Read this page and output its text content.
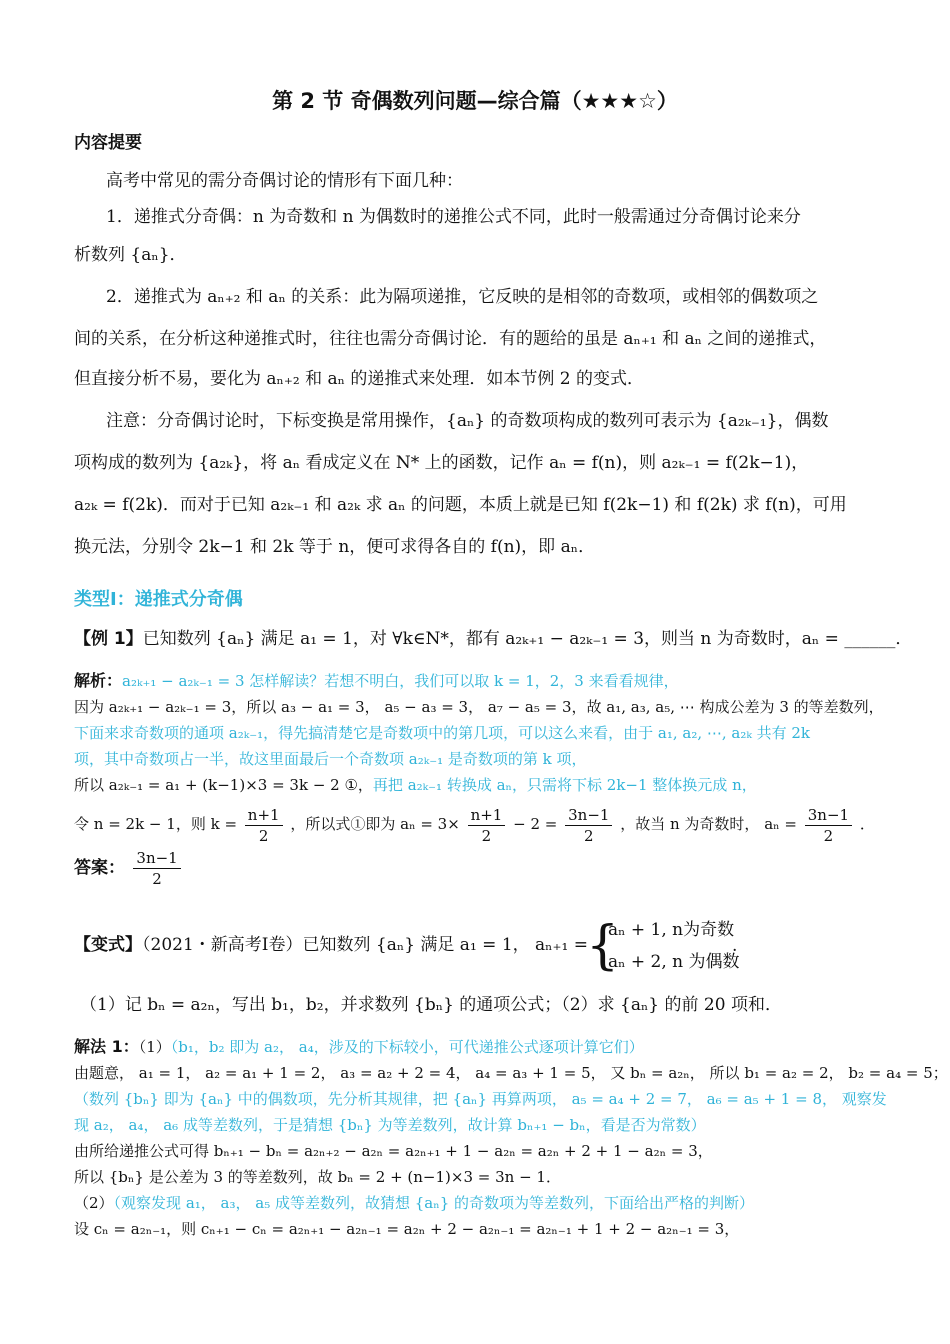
第 2 节 奇偶数列问题—综合篇（★★★☆）
内容提要
高考中常见的需分奇偶讨论的情形有下面几种：
1．递推式分奇偶：n 为奇数和 n 为偶数时的递推公式不同，此时一般需通过分奇偶讨论来分
析数列 {aₙ}．
2．递推式为 aₙ₊₂ 和 aₙ 的关系：此为隔项递推，它反映的是相邻的奇数项，或相邻的偶数项之
间的关系，在分析这种递推式时，往往也需分奇偶讨论．有的题给的虽是 aₙ₊₁ 和 aₙ 之间的递推式，
但直接分析不易，要化为 aₙ₊₂ 和 aₙ 的递推式来处理．如本节例 2 的变式．
注意：分奇偶讨论时，下标变换是常用操作，{aₙ} 的奇数项构成的数列可表示为 {a₂ₖ₋₁}，偶数
项构成的数列为 {a₂ₖ}，将 aₙ 看成定义在 N* 上的函数，记作 aₙ = f(n)，则 a₂ₖ₋₁ = f(2k−1)，
a₂ₖ = f(2k)．而对于已知 a₂ₖ₋₁ 和 a₂ₖ 求 aₙ 的问题，本质上就是已知 f(2k−1) 和 f(2k) 求 f(n)，可用
换元法，分别令 2k−1 和 2k 等于 n，便可求得各自的 f(n)，即 aₙ．
类型Ⅰ：递推式分奇偶
【例 1】已知数列 {aₙ} 满足 a₁ = 1，对 ∀k∈N*，都有 a₂ₖ₊₁ − a₂ₖ₋₁ = 3，则当 n 为奇数时，aₙ = ______．
解析：a₂ₖ₊₁ − a₂ₖ₋₁ = 3 怎样解读？若想不明白，我们可以取 k = 1，2，3 来看看规律，
因为 a₂ₖ₊₁ − a₂ₖ₋₁ = 3，所以 a₃ − a₁ = 3， a₅ − a₃ = 3， a₇ − a₅ = 3，故 a₁, a₃, a₅, ⋯ 构成公差为 3 的等差数列，
下面来求奇数项的通项 a₂ₖ₋₁，得先搞清楚它是奇数项中的第几项，可以这么来看，由于 a₁, a₂, ⋯, a₂ₖ 共有 2k
项，其中奇数项占一半，故这里面最后一个奇数项 a₂ₖ₋₁ 是奇数项的第 k 项，
所以 a₂ₖ₋₁ = a₁ + (k−1)×3 = 3k − 2 ①，再把 a₂ₖ₋₁ 转换成 aₙ，只需将下标 2k−1 整体换元成 n，
令 n = 2k − 1，则 $k = \frac{n+1}{2}$ ，所以式①即为 $a_n = 3\times \frac{n+1}{2} - 2 = \frac{3n-1}{2}$ ，故当 n 为奇数时， $a_n = \frac{3n-1}{2}$ ．
答案： $\frac{3n-1}{2}$
【变式】（2021・新高考Ⅰ卷）已知数列 {aₙ} 满足 a₁ = 1， aₙ₊₁ =
{
aₙ + 1, n为奇数
aₙ + 2, n 为偶数
.
（1）记 bₙ = a₂ₙ，写出 b₁，b₂，并求数列 {bₙ} 的通项公式；（2）求 {aₙ} 的前 20 项和．
解法 1：（1）（b₁，b₂ 即为 a₂， a₄，涉及的下标较小，可代递推公式逐项计算它们）
由题意， a₁ = 1， a₂ = a₁ + 1 = 2， a₃ = a₂ + 2 = 4， a₄ = a₃ + 1 = 5， 又 bₙ = a₂ₙ， 所以 b₁ = a₂ = 2， b₂ = a₄ = 5；
（数列 {bₙ} 即为 {aₙ} 中的偶数项，先分析其规律，把 {aₙ} 再算两项， a₅ = a₄ + 2 = 7， a₆ = a₅ + 1 = 8， 观察发
现 a₂， a₄， a₆ 成等差数列，于是猜想 {bₙ} 为等差数列，故计算 bₙ₊₁ − bₙ，看是否为常数）
由所给递推公式可得 bₙ₊₁ − bₙ = a₂ₙ₊₂ − a₂ₙ = a₂ₙ₊₁ + 1 − a₂ₙ = a₂ₙ + 2 + 1 − a₂ₙ = 3，
所以 {bₙ} 是公差为 3 的等差数列，故 bₙ = 2 + (n−1)×3 = 3n − 1．
（2）（观察发现 a₁， a₃， a₅ 成等差数列，故猜想 {aₙ} 的奇数项为等差数列，下面给出严格的判断）
设 cₙ = a₂ₙ₋₁，则 cₙ₊₁ − cₙ = a₂ₙ₊₁ − a₂ₙ₋₁ = a₂ₙ + 2 − a₂ₙ₋₁ = a₂ₙ₋₁ + 1 + 2 − a₂ₙ₋₁ = 3，
